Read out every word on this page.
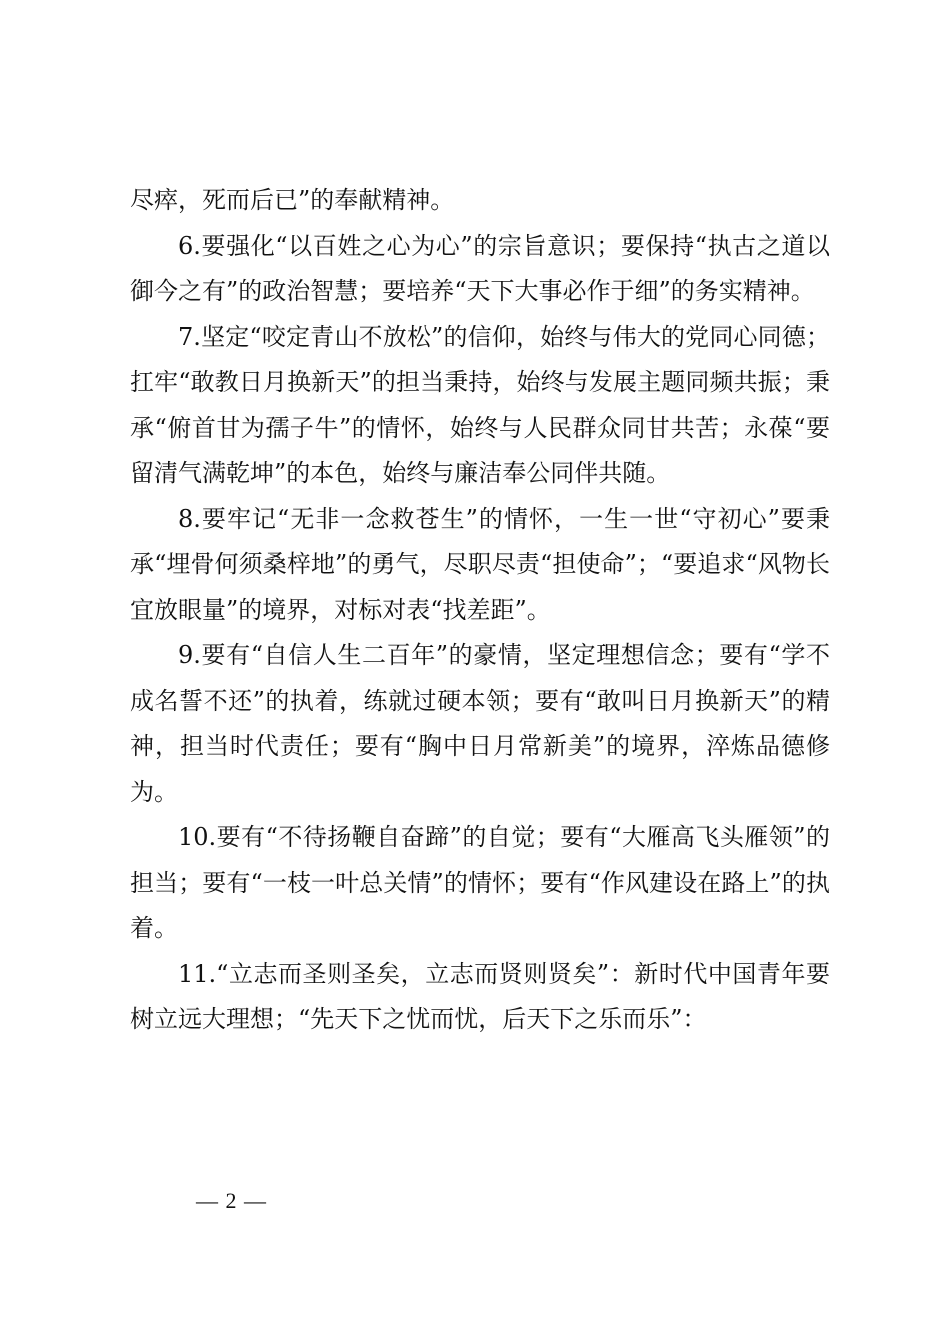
尽瘁，死而后已”的奉献精神。

6.要强化“以百姓之心为心”的宗旨意识；要保持“执古之道以御今之有”的政治智慧；要培养“天下大事必作于细”的务实精神。

7.坚定“咬定青山不放松”的信仰，始终与伟大的党同心同德；扛牢“敢教日月换新天”的担当秉持，始终与发展主题同频共振；秉承“俯首甘为孺子牛”的情怀，始终与人民群众同甘共苦；永葆“要留清气满乾坤”的本色，始终与廉洁奉公同伴共随。

8.要牢记“无非一念救苍生”的情怀，一生一世“守初心”要秉承“埋骨何须桑梓地”的勇气，尽职尽责“担使命”；“要追求“风物长宜放眼量”的境界，对标对表“找差距”。

9.要有“自信人生二百年”的豪情，坚定理想信念；要有“学不成名誓不还”的执着，练就过硬本领；要有“敢叫日月换新天”的精神，担当时代责任；要有“胸中日月常新美”的境界，淬炼品德修为。

10.要有“不待扬鞭自奋蹄”的自觉；要有“大雁高飞头雁领”的担当；要有“一枝一叶总关情”的情怀；要有“作风建设在路上”的执着。

11.“立志而圣则圣矣，立志而贤则贤矣”：新时代中国青年要树立远大理想；“先天下之忧而忧，后天下之乐而乐”：

— 2 —
